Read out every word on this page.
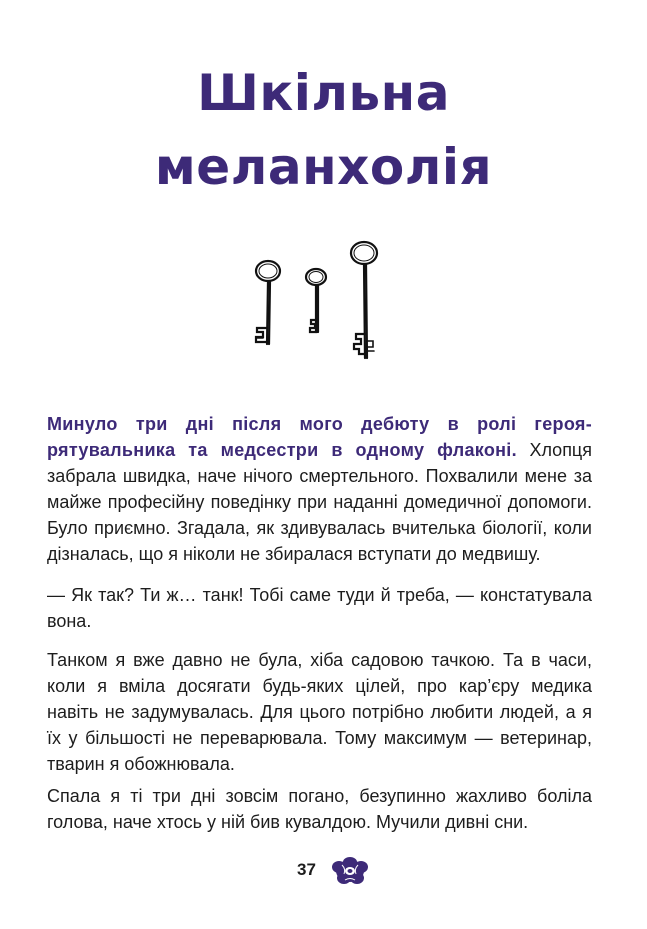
Шкільна
меланхолія

Минуло три дні після мого дебюту в ролі героя-рятувальника та медсестри в одному флаконі. Хлопця забрала швидка, наче нічого смертельного. Похвалили мене за майже професійну поведінку при наданні домедичної допомоги. Було приємно. Згадала, як здивувалась вчителька біології, коли дізналась, що я ніколи не збиралася вступати до медвишу.

— Як так? Ти ж… танк! Тобі саме туди й треба, — констатувала вона.

Танком я вже давно не була, хіба садовою тачкою. Та в часи, коли я вміла досягати будь-яких цілей, про кар’єру медика навіть не задумувалась. Для цього потрібно любити людей, а я їх у більшості не переварювала. Тому максимум — ветеринар, тварин я обожнювала.

Спала я ті три дні зовсім погано, безупинно жахливо боліла голова, наче хтось у ній бив кувалдою. Мучили дивні сни.

37
